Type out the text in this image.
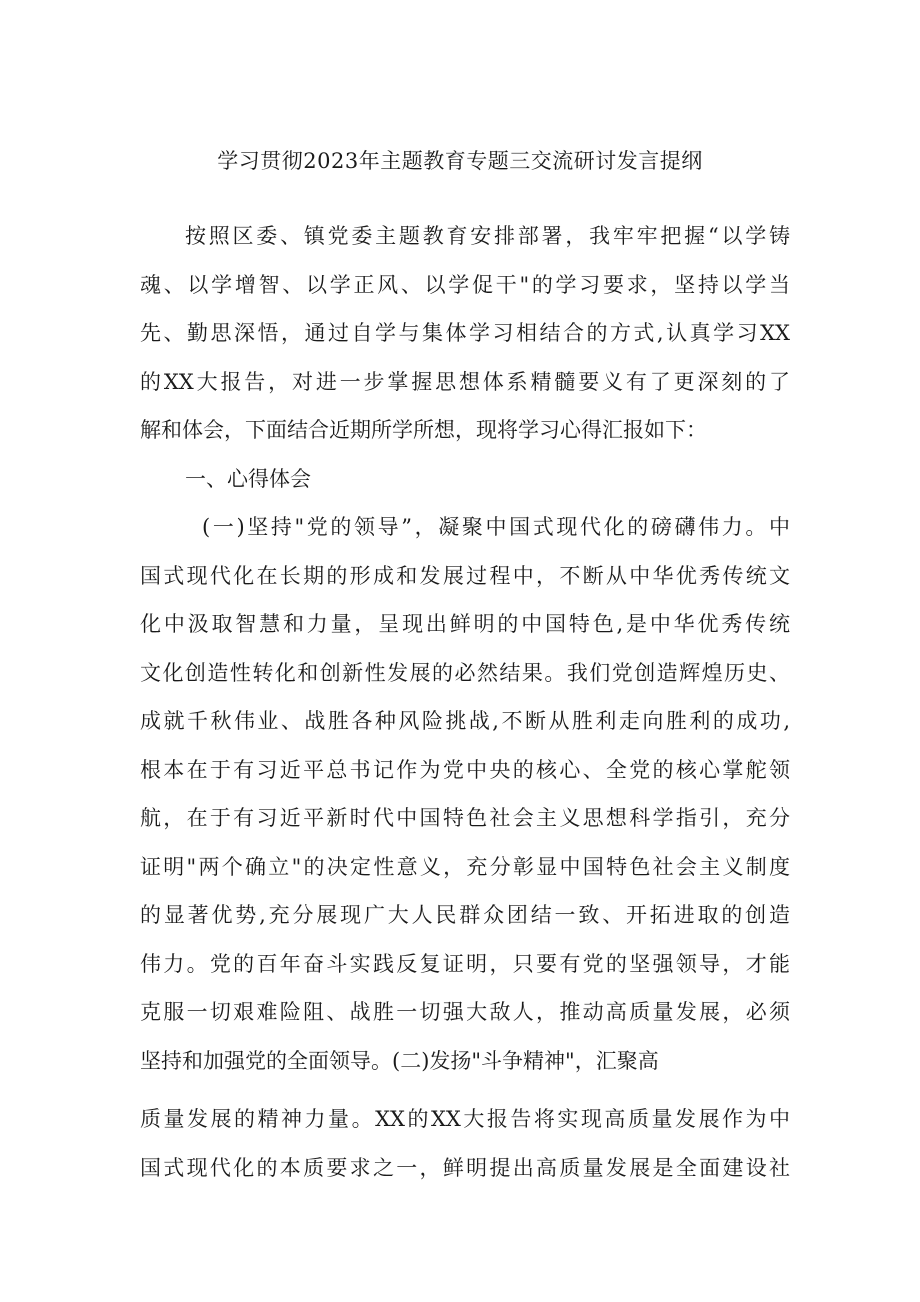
学习贯彻2023年主题教育专题三交流研讨发言提纲
按照区委、镇党委主题教育安排部署，我牢牢把握“以学铸
魂、以学增智、以学正风、以学促干"的学习要求，坚持以学当
先、勤思深悟，通过自学与集体学习相结合的方式,认真学习XX
的XX大报告，对进一步掌握思想体系精髓要义有了更深刻的了
解和体会，下面结合近期所学所想，现将学习心得汇报如下：
一、心得体会
(一)坚持"党的领导”，凝聚中国式现代化的磅礴伟力。中
国式现代化在长期的形成和发展过程中，不断从中华优秀传统文
化中汲取智慧和力量，呈现出鲜明的中国特色,是中华优秀传统
文化创造性转化和创新性发展的必然结果。我们党创造辉煌历史、
成就千秋伟业、战胜各种风险挑战,不断从胜利走向胜利的成功,
根本在于有习近平总书记作为党中央的核心、全党的核心掌舵领
航，在于有习近平新时代中国特色社会主义思想科学指引，充分
证明"两个确立"的决定性意义，充分彰显中国特色社会主义制度
的显著优势,充分展现广大人民群众团结一致、开拓进取的创造
伟力。党的百年奋斗实践反复证明，只要有党的坚强领导，才能
克服一切艰难险阻、战胜一切强大敌人，推动高质量发展，必须
坚持和加强党的全面领导。(二)发扬"斗争精神"，汇聚高
质量发展的精神力量。XX的XX大报告将实现高质量发展作为中
国式现代化的本质要求之一，鲜明提出高质量发展是全面建设社
